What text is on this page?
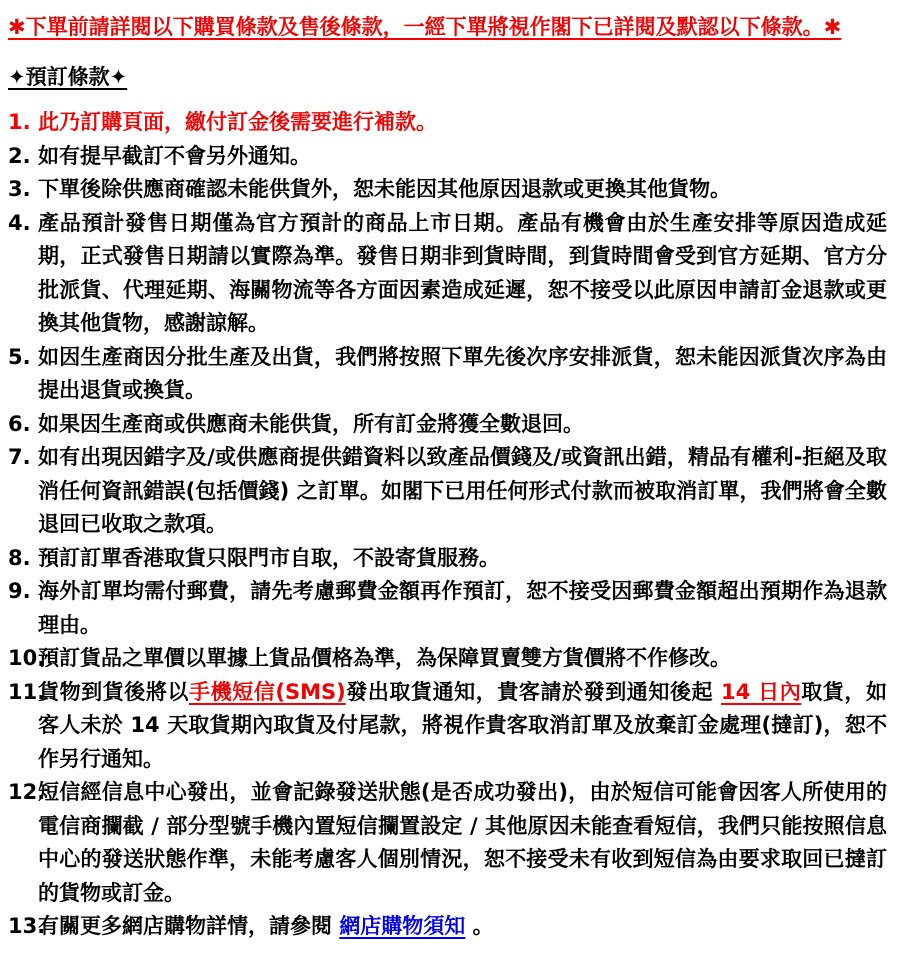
✱下單前請詳閱以下購買條款及售後條款，一經下單將視作閣下已詳閱及默認以下條款。✱
✦預訂條款✦
1. 此乃訂購頁面，繳付訂金後需要進行補款。
2. 如有提早截訂不會另外通知。
3. 下單後除供應商確認未能供貨外，恕未能因其他原因退款或更換其他貨物。
4. 產品預計發售日期僅為官方預計的商品上市日期。產品有機會由於生產安排等原因造成延期，正式發售日期請以實際為準。發售日期非到貨時間，到貨時間會受到官方延期、官方分批派貨、代理延期、海關物流等各方面因素造成延遲，恕不接受以此原因申請訂金退款或更換其他貨物，感謝諒解。
5. 如因生產商因分批生產及出貨，我們將按照下單先後次序安排派貨，恕未能因派貨次序為由提出退貨或換貨。
6. 如果因生產商或供應商未能供貨，所有訂金將獲全數退回。
7. 如有出現因錯字及/或供應商提供錯資料以致產品價錢及/或資訊出錯，精品有權利-拒絕及取消任何資訊錯誤(包括價錢) 之訂單。如閣下已用任何形式付款而被取消訂單，我們將會全數退回已收取之款項。
8. 預訂訂單香港取貨只限門市自取，不設寄貨服務。
9. 海外訂單均需付郵費，請先考慮郵費金額再作預訂，恕不接受因郵費金額超出預期作為退款理由。
10.
預訂貨品之單價以單據上貨品價格為準，為保障買賣雙方貨價將不作修改。
11.
貨物到貨後將以手機短信(SMS)發出取貨通知，貴客請於發到通知後起 14 日內取貨，如客人未於 14 天取貨期內取貨及付尾款，將視作貴客取消訂單及放棄訂金處理(撻訂)，恕不作另行通知。
12.
短信經信息中心發出，並會記錄發送狀態(是否成功發出)，由於短信可能會因客人所使用的電信商攔截 / 部分型號手機內置短信攔置設定 / 其他原因未能查看短信，我們只能按照信息中心的發送狀態作準，未能考慮客人個別情況，恕不接受未有收到短信為由要求取回已撻訂的貨物或訂金。
13.
有關更多網店購物詳情，請參閱 網店購物須知 。
